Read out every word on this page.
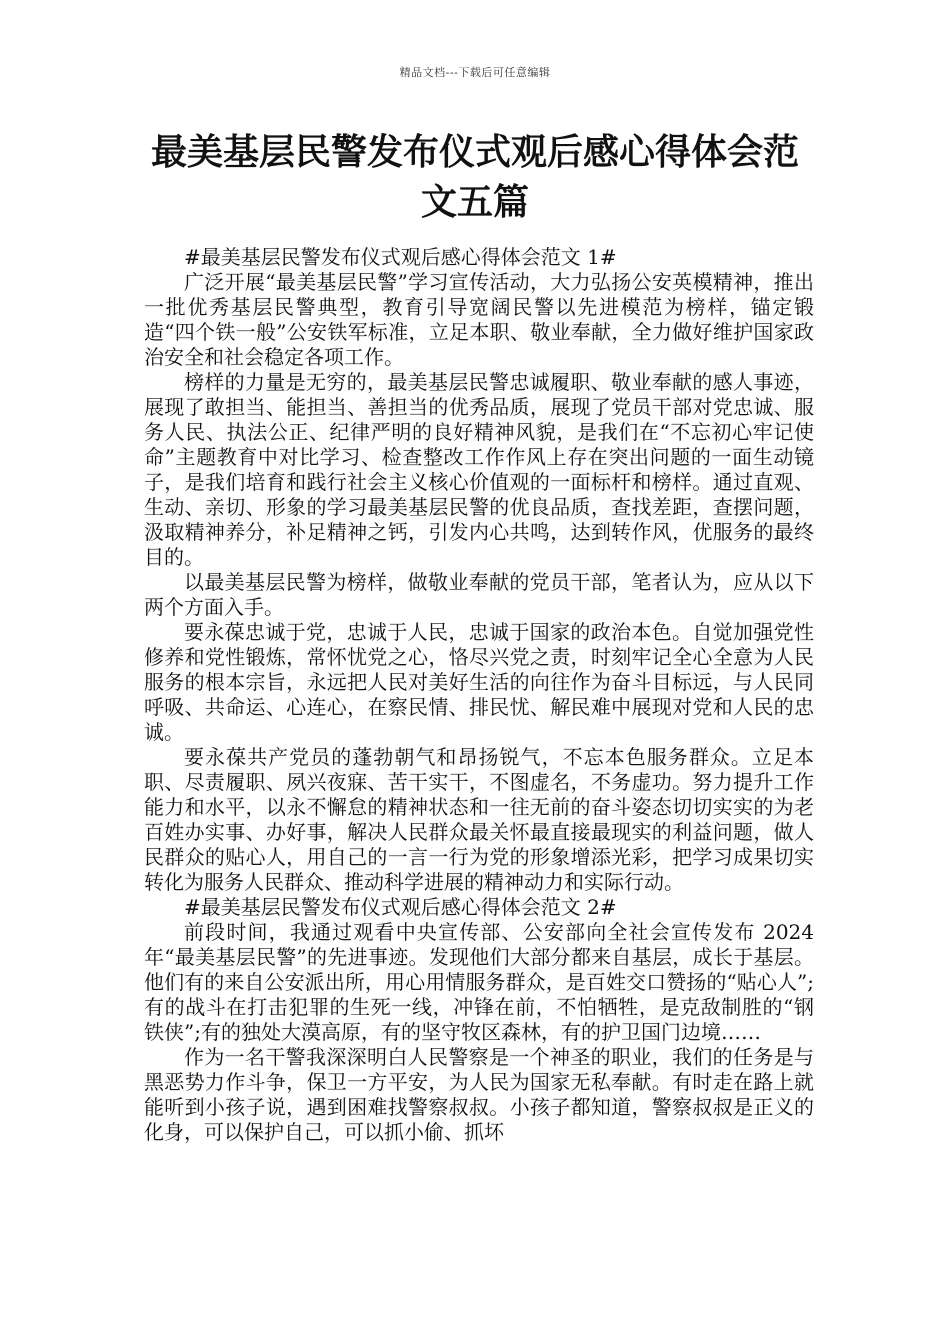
精品文档---下载后可任意编辑
最美基层民警发布仪式观后感心得体会范文五篇

#最美基层民警发布仪式观后感心得体会范文 1#

广泛开展“最美基层民警”学习宣传活动，大力弘扬公安英模精神，推出一批优秀基层民警典型，教育引导宽阔民警以先进模范为榜样，锚定锻造“四个铁一般”公安铁军标准，立足本职、敬业奉献，全力做好维护国家政治安全和社会稳定各项工作。

榜样的力量是无穷的，最美基层民警忠诚履职、敬业奉献的感人事迹，展现了敢担当、能担当、善担当的优秀品质，展现了党员干部对党忠诚、服务人民、执法公正、纪律严明的良好精神风貌，是我们在“不忘初心牢记使命”主题教育中对比学习、检查整改工作作风上存在突出问题的一面生动镜子，是我们培育和践行社会主义核心价值观的一面标杆和榜样。通过直观、生动、亲切、形象的学习最美基层民警的优良品质，查找差距，查摆问题，汲取精神养分，补足精神之钙，引发内心共鸣，达到转作风，优服务的最终目的。

以最美基层民警为榜样，做敬业奉献的党员干部，笔者认为，应从以下两个方面入手。

要永葆忠诚于党，忠诚于人民，忠诚于国家的政治本色。自觉加强党性修养和党性锻炼，常怀忧党之心，恪尽兴党之责，时刻牢记全心全意为人民服务的根本宗旨，永远把人民对美好生活的向往作为奋斗目标远，与人民同呼吸、共命运、心连心，在察民情、排民忧、解民难中展现对党和人民的忠诚。

要永葆共产党员的蓬勃朝气和昂扬锐气，不忘本色服务群众。立足本职、尽责履职、夙兴夜寐、苦干实干，不图虚名，不务虚功。努力提升工作能力和水平，以永不懈怠的精神状态和一往无前的奋斗姿态切切实实的为老百姓办实事、办好事，解决人民群众最关怀最直接最现实的利益问题，做人民群众的贴心人，用自己的一言一行为党的形象增添光彩，把学习成果切实转化为服务人民群众、推动科学进展的精神动力和实际行动。

#最美基层民警发布仪式观后感心得体会范文 2#

前段时间，我通过观看中央宣传部、公安部向全社会宣传发布 2024 年“最美基层民警”的先进事迹。发现他们大部分都来自基层，成长于基层。他们有的来自公安派出所，用心用情服务群众，是百姓交口赞扬的“贴心人”;有的战斗在打击犯罪的生死一线，冲锋在前，不怕牺牲，是克敌制胜的“钢铁侠”;有的独处大漠高原，有的坚守牧区森林，有的护卫国门边境……

作为一名干警我深深明白人民警察是一个神圣的职业，我们的任务是与黑恶势力作斗争，保卫一方平安，为人民为国家无私奉献。有时走在路上就能听到小孩子说，遇到困难找警察叔叔。小孩子都知道，警察叔叔是正义的化身，可以保护自己，可以抓小偷、抓坏
